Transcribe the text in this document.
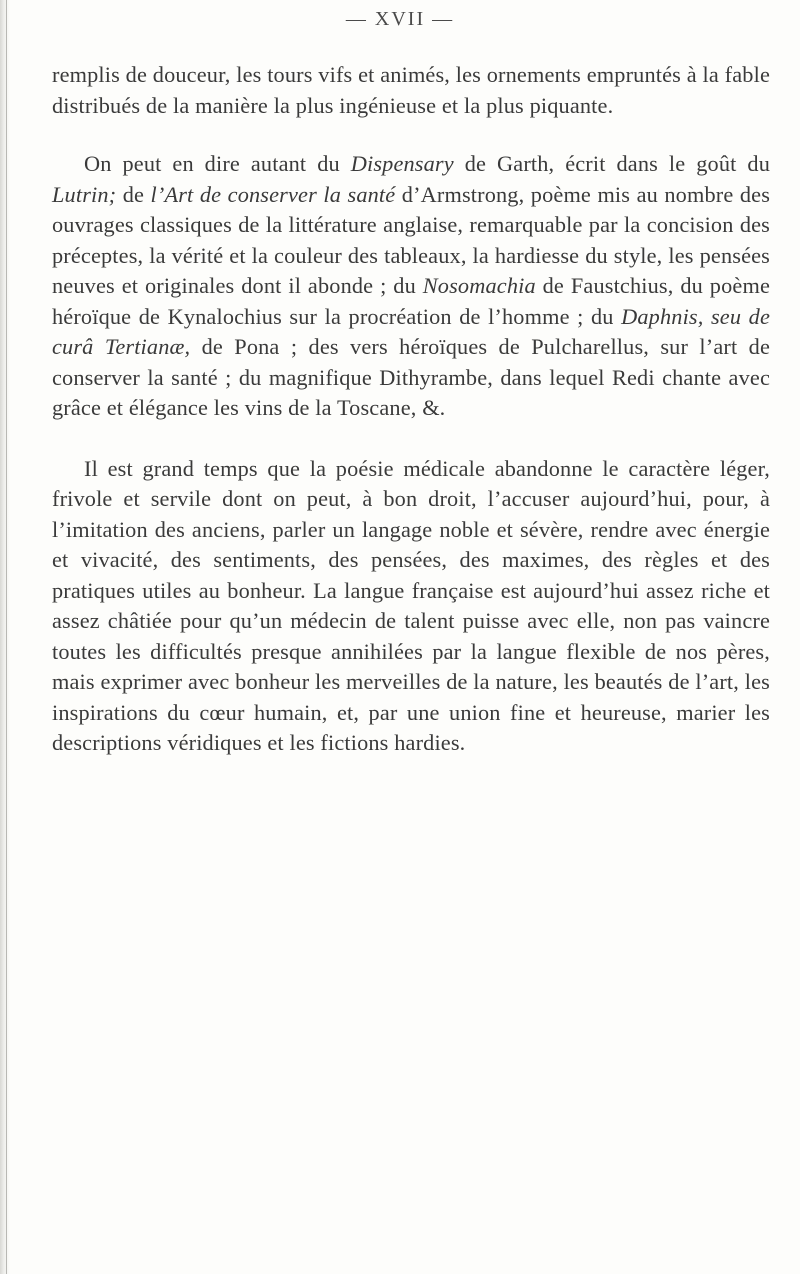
— XVII —

remplis de douceur, les tours vifs et animés, les ornements empruntés à la fable distribués de la manière la plus ingénieuse et la plus piquante.

On peut en dire autant du Dispensary de Garth, écrit dans le goût du Lutrin; de l’Art de conserver la santé d’Armstrong, poème mis au nombre des ouvrages classiques de la littérature anglaise, remarquable par la concision des préceptes, la vérité et la couleur des tableaux, la hardiesse du style, les pensées neuves et originales dont il abonde ; du Nosomachia de Faustchius, du poème héroïque de Kynalochius sur la procréation de l’homme ; du Daphnis, seu de curâ Tertianæ, de Pona ; des vers héroïques de Pulcharellus, sur l’art de conserver la santé ; du magnifique Dithyrambe, dans lequel Redi chante avec grâce et élégance les vins de la Toscane, &.

Il est grand temps que la poésie médicale abandonne le caractère léger, frivole et servile dont on peut, à bon droit, l’accuser aujourd’hui, pour, à l’imitation des anciens, parler un langage noble et sévère, rendre avec énergie et vivacité, des sentiments, des pensées, des maximes, des règles et des pratiques utiles au bonheur. La langue française est aujourd’hui assez riche et assez châtiée pour qu’un médecin de talent puisse avec elle, non pas vaincre toutes les difficultés presque annihilées par la langue flexible de nos pères, mais exprimer avec bonheur les merveilles de la nature, les beautés de l’art, les inspirations du cœur humain, et, par une union fine et heureuse, marier les descriptions véridiques et les fictions hardies.
